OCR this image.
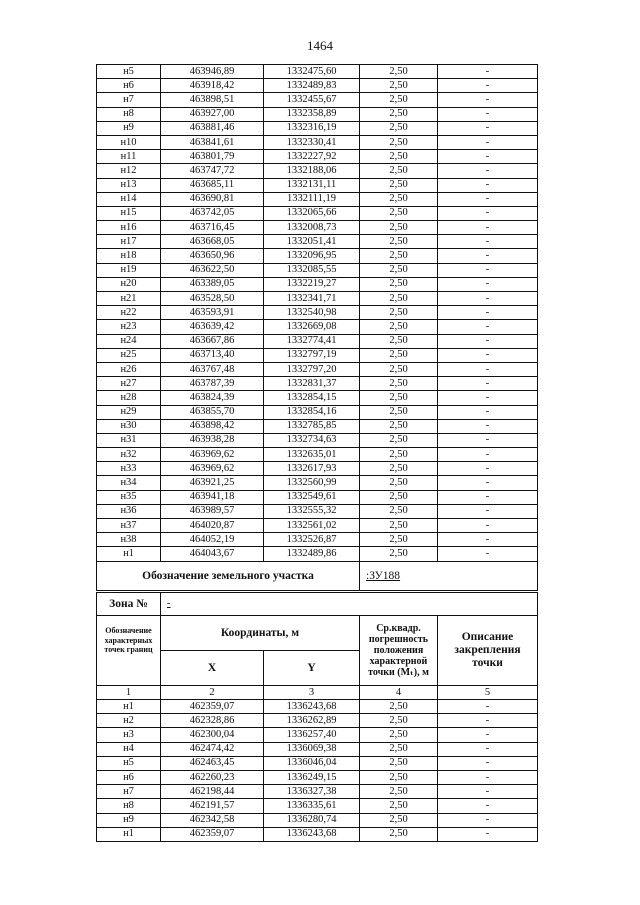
1464
н5	463946,89	1332475,60	2,50	-
н6	463918,42	1332489,83	2,50	-
н7	463898,51	1332455,67	2,50	-
н8	463927,00	1332358,89	2,50	-
н9	463881,46	1332316,19	2,50	-
н10	463841,61	1332330,41	2,50	-
н11	463801,79	1332227,92	2,50	-
н12	463747,72	1332188,06	2,50	-
н13	463685,11	1332131,11	2,50	-
н14	463690,81	1332111,19	2,50	-
н15	463742,05	1332065,66	2,50	-
н16	463716,45	1332008,73	2,50	-
н17	463668,05	1332051,41	2,50	-
н18	463650,96	1332096,95	2,50	-
н19	463622,50	1332085,55	2,50	-
н20	463389,05	1332219,27	2,50	-
н21	463528,50	1332341,71	2,50	-
н22	463593,91	1332540,98	2,50	-
н23	463639,42	1332669,08	2,50	-
н24	463667,86	1332774,41	2,50	-
н25	463713,40	1332797,19	2,50	-
н26	463767,48	1332797,20	2,50	-
н27	463787,39	1332831,37	2,50	-
н28	463824,39	1332854,15	2,50	-
н29	463855,70	1332854,16	2,50	-
н30	463898,42	1332785,85	2,50	-
н31	463938,28	1332734,63	2,50	-
н32	463969,62	1332635,01	2,50	-
н33	463969,62	1332617,93	2,50	-
н34	463921,25	1332560,99	2,50	-
н35	463941,18	1332549,61	2,50	-
н36	463989,57	1332555,32	2,50	-
н37	464020,87	1332561,02	2,50	-
н38	464052,19	1332526,87	2,50	-
н1	464043,67	1332489,86	2,50	-
Обозначение земельного участка			:ЗУ188	
Зона №	-			
Обозначение характерных точек границ	Координаты, м		Ср.квадр. погрешность положения характерной точки (Mₜ), м	Описание закрепления точки
	X	Y		
1	2	3	4	5
н1	462359,07	1336243,68	2,50	-
н2	462328,86	1336262,89	2,50	-
н3	462300,04	1336257,40	2,50	-
н4	462474,42	1336069,38	2,50	-
н5	462463,45	1336046,04	2,50	-
н6	462260,23	1336249,15	2,50	-
н7	462198,44	1336327,38	2,50	-
н8	462191,57	1336335,61	2,50	-
н9	462342,58	1336280,74	2,50	-
н1	462359,07	1336243,68	2,50	-
